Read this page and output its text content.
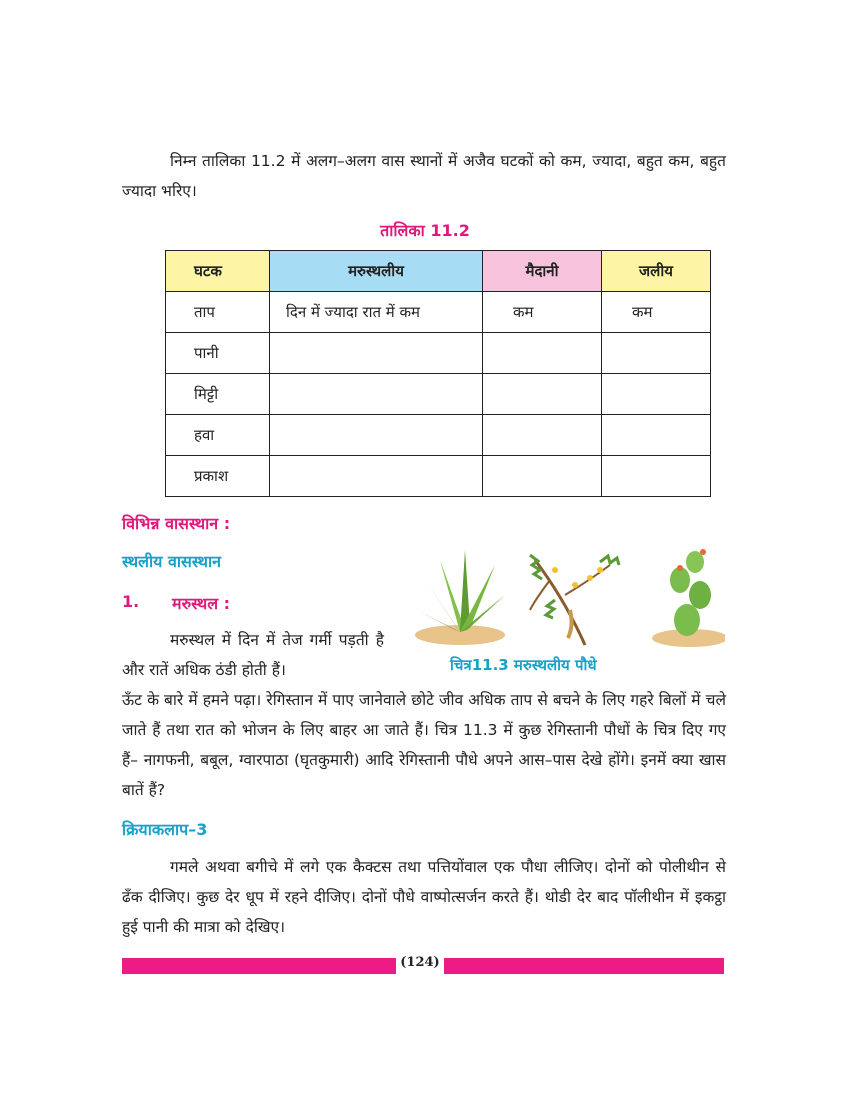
निम्न तालिका 11.2 में अलग–अलग वास स्थानों में अजैव घटकों को कम, ज्यादा, बहुत कम, बहुत ज्यादा भरिए।

तालिका 11.2
घटक	मरुस्थलीय	मैदानी	जलीय
ताप	दिन में ज्यादा रात में कम	कम	कम
पानी			
मिट्टी			
हवा			
प्रकाश			
विभिन्न वासस्थान :
स्थलीय वासस्थान
1. मरुस्थल :

मरुस्थल में दिन में तेज गर्मी पड़ती है और रातें अधिक ठंडी होती हैं।	चित्र11.3 मरुस्थलीय पौधे

ऊँट के बारे में हमने पढ़ा। रेगिस्तान में पाए जानेवाले छोटे जीव अधिक ताप से बचने के लिए गहरे बिलों में चले जाते हैं तथा रात को भोजन के लिए बाहर आ जाते हैं। चित्र 11.3 में कुछ रेगिस्तानी पौधों के चित्र दिए गए हैं– नागफनी, बबूल, ग्वारपाठा (घृतकुमारी) आदि रेगिस्तानी पौधे अपने आस–पास देखे होंगे। इनमें क्या खास बातें हैं?

क्रियाकलाप–3

गमले अथवा बगीचे में लगे एक कैक्टस तथा पत्तियोंवाल एक पौधा लीजिए। दोनों को पोलीथीन से ढँक दीजिए। कुछ देर धूप में रहने दीजिए। दोनों पौधे वाष्पोत्सर्जन करते हैं। थोडी देर बाद पॉलीथीन में इकट्ठा हुई पानी की मात्रा को देखिए।

(124)
